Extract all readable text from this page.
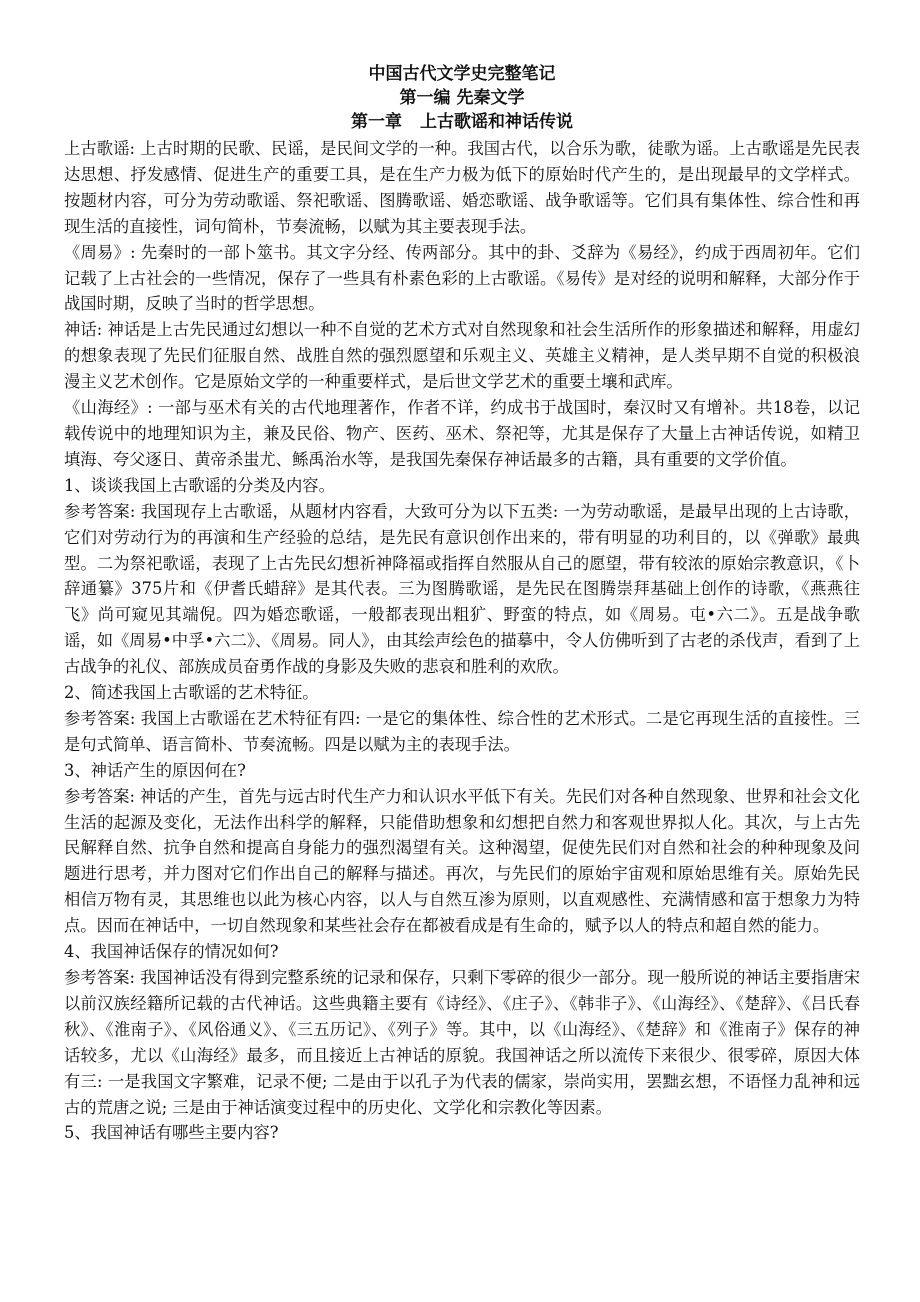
中国古代文学史完整笔记
第一编 先秦文学
第一章 上古歌谣和神话传说

上古歌谣: 上古时期的民歌、民谣，是民间文学的一种。我国古代，以合乐为歌，徒歌为谣。上古歌谣是先民表达思想、抒发感情、促进生产的重要工具，是在生产力极为低下的原始时代产生的，是出现最早的文学样式。按题材内容，可分为劳动歌谣、祭祀歌谣、图腾歌谣、婚恋歌谣、战争歌谣等。它们具有集体性、综合性和再现生活的直接性，词句简朴，节奏流畅，以赋为其主要表现手法。

《周易》: 先秦时的一部卜筮书。其文字分经、传两部分。其中的卦、爻辞为《易经》，约成于西周初年。它们记载了上古社会的一些情况，保存了一些具有朴素色彩的上古歌谣。《易传》是对经的说明和解释，大部分作于战国时期，反映了当时的哲学思想。

神话: 神话是上古先民通过幻想以一种不自觉的艺术方式对自然现象和社会生活所作的形象描述和解释，用虚幻的想象表现了先民们征服自然、战胜自然的强烈愿望和乐观主义、英雄主义精神，是人类早期不自觉的积极浪漫主义艺术创作。它是原始文学的一种重要样式，是后世文学艺术的重要土壤和武库。

《山海经》: 一部与巫术有关的古代地理著作，作者不详，约成书于战国时，秦汉时又有增补。共18卷，以记载传说中的地理知识为主，兼及民俗、物产、医药、巫术、祭祀等，尤其是保存了大量上古神话传说，如精卫填海、夸父逐日、黄帝杀蚩尤、鲧禹治水等，是我国先秦保存神话最多的古籍，具有重要的文学价值。

1、谈谈我国上古歌谣的分类及内容。

参考答案: 我国现存上古歌谣，从题材内容看，大致可分为以下五类: 一为劳动歌谣，是最早出现的上古诗歌，它们对劳动行为的再演和生产经验的总结，是先民有意识创作出来的，带有明显的功利目的，以《弹歌》最典型。二为祭祀歌谣，表现了上古先民幻想祈神降福或指挥自然服从自己的愿望，带有较浓的原始宗教意识，《卜辞通纂》375片和《伊耆氏蜡辞》是其代表。三为图腾歌谣，是先民在图腾崇拜基础上创作的诗歌，《燕燕往飞》尚可窥见其端倪。四为婚恋歌谣，一般都表现出粗犷、野蛮的特点，如《周易。屯•六二》。五是战争歌谣，如《周易•中孚•六二》、《周易。同人》，由其绘声绘色的描摹中，令人仿佛听到了古老的杀伐声，看到了上古战争的礼仪、部族成员奋勇作战的身影及失败的悲哀和胜利的欢欣。

2、简述我国上古歌谣的艺术特征。

参考答案: 我国上古歌谣在艺术特征有四: 一是它的集体性、综合性的艺术形式。二是它再现生活的直接性。三是句式简单、语言简朴、节奏流畅。四是以赋为主的表现手法。

3、神话产生的原因何在?

参考答案: 神话的产生，首先与远古时代生产力和认识水平低下有关。先民们对各种自然现象、世界和社会文化生活的起源及变化，无法作出科学的解释，只能借助想象和幻想把自然力和客观世界拟人化。其次，与上古先民解释自然、抗争自然和提高自身能力的强烈渴望有关。这种渴望，促使先民们对自然和社会的种种现象及问题进行思考，并力图对它们作出自己的解释与描述。再次，与先民们的原始宇宙观和原始思维有关。原始先民相信万物有灵，其思维也以此为核心内容，以人与自然互渗为原则，以直观感性、充满情感和富于想象力为特点。因而在神话中，一切自然现象和某些社会存在都被看成是有生命的，赋予以人的特点和超自然的能力。

4、我国神话保存的情况如何?

参考答案: 我国神话没有得到完整系统的记录和保存，只剩下零碎的很少一部分。现一般所说的神话主要指唐宋以前汉族经籍所记载的古代神话。这些典籍主要有《诗经》、《庄子》、《韩非子》、《山海经》、《楚辞》、《吕氏春秋》、《淮南子》、《风俗通义》、《三五历记》、《列子》等。其中，以《山海经》、《楚辞》和《淮南子》保存的神话较多，尤以《山海经》最多，而且接近上古神话的原貌。我国神话之所以流传下来很少、很零碎，原因大体有三: 一是我国文字繁难，记录不便; 二是由于以孔子为代表的儒家，崇尚实用，罢黜玄想，不语怪力乱神和远古的荒唐之说; 三是由于神话演变过程中的历史化、文学化和宗教化等因素。

5、我国神话有哪些主要内容?
